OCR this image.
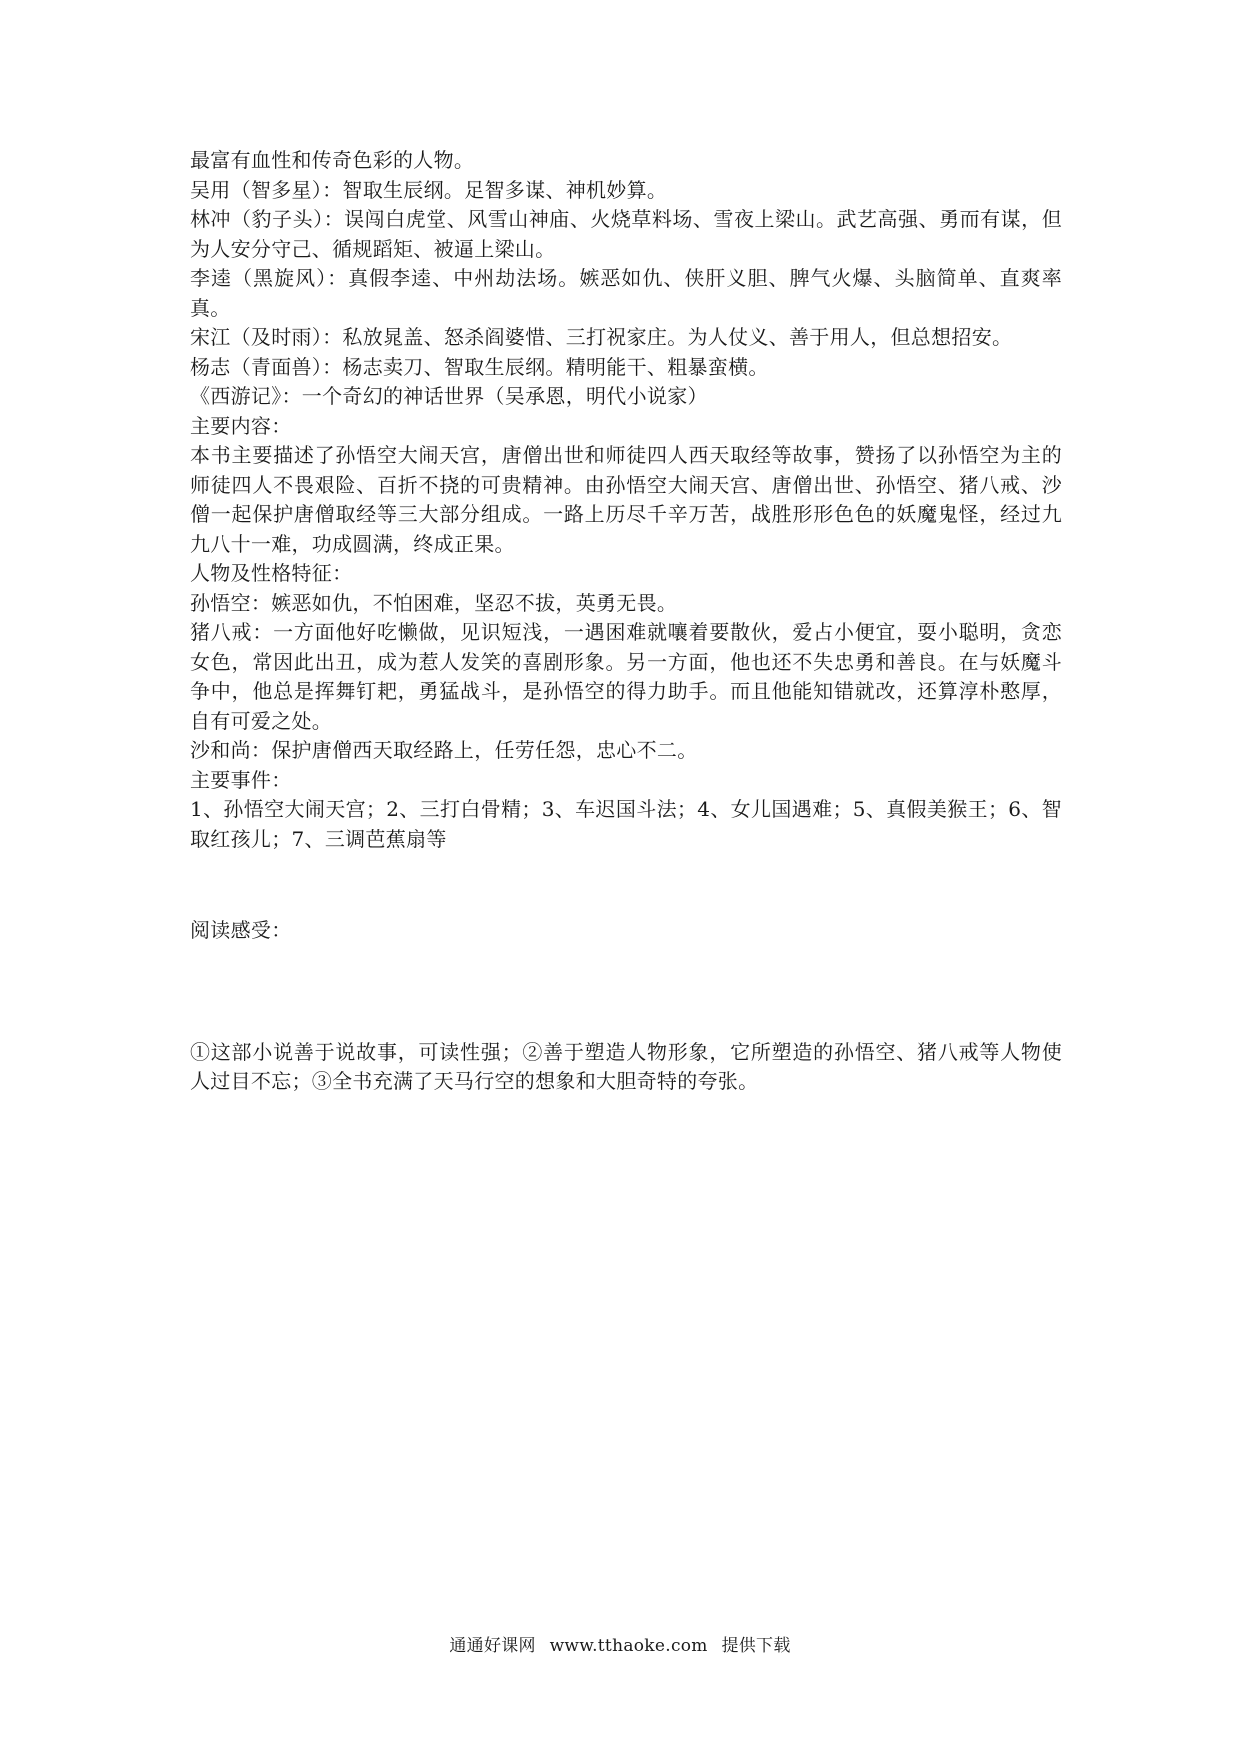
最富有血性和传奇色彩的人物。

吴用（智多星）：智取生辰纲。足智多谋、神机妙算。

林冲（豹子头）：误闯白虎堂、风雪山神庙、火烧草料场、雪夜上梁山。武艺高强、勇而有谋，但为人安分守己、循规蹈矩、被逼上梁山。

李逵（黑旋风）：真假李逵、中州劫法场。嫉恶如仇、侠肝义胆、脾气火爆、头脑简单、直爽率真。

宋江（及时雨）：私放晁盖、怒杀阎婆惜、三打祝家庄。为人仗义、善于用人，但总想招安。

杨志（青面兽）：杨志卖刀、智取生辰纲。精明能干、粗暴蛮横。

《西游记》：一个奇幻的神话世界（吴承恩，明代小说家）

主要内容：

本书主要描述了孙悟空大闹天宫，唐僧出世和师徒四人西天取经等故事，赞扬了以孙悟空为主的师徒四人不畏艰险、百折不挠的可贵精神。由孙悟空大闹天宫、唐僧出世、孙悟空、猪八戒、沙僧一起保护唐僧取经等三大部分组成。一路上历尽千辛万苦，战胜形形色色的妖魔鬼怪，经过九九八十一难，功成圆满，终成正果。

人物及性格特征：

孙悟空：嫉恶如仇，不怕困难，坚忍不拔，英勇无畏。

猪八戒：一方面他好吃懒做，见识短浅，一遇困难就嚷着要散伙，爱占小便宜，耍小聪明，贪恋女色，常因此出丑，成为惹人发笑的喜剧形象。另一方面，他也还不失忠勇和善良。在与妖魔斗争中，他总是挥舞钉耙，勇猛战斗，是孙悟空的得力助手。而且他能知错就改，还算淳朴憨厚，自有可爱之处。

沙和尚：保护唐僧西天取经路上，任劳任怨，忠心不二。

主要事件：

1、孙悟空大闹天宫；2、三打白骨精；3、车迟国斗法；4、女儿国遇难；5、真假美猴王；6、智取红孩儿；7、三调芭蕉扇等

阅读感受：

①这部小说善于说故事，可读性强；②善于塑造人物形象，它所塑造的孙悟空、猪八戒等人物使人过目不忘；③全书充满了天马行空的想象和大胆奇特的夸张。

通通好课网 www.tthaoke.com 提供下载
